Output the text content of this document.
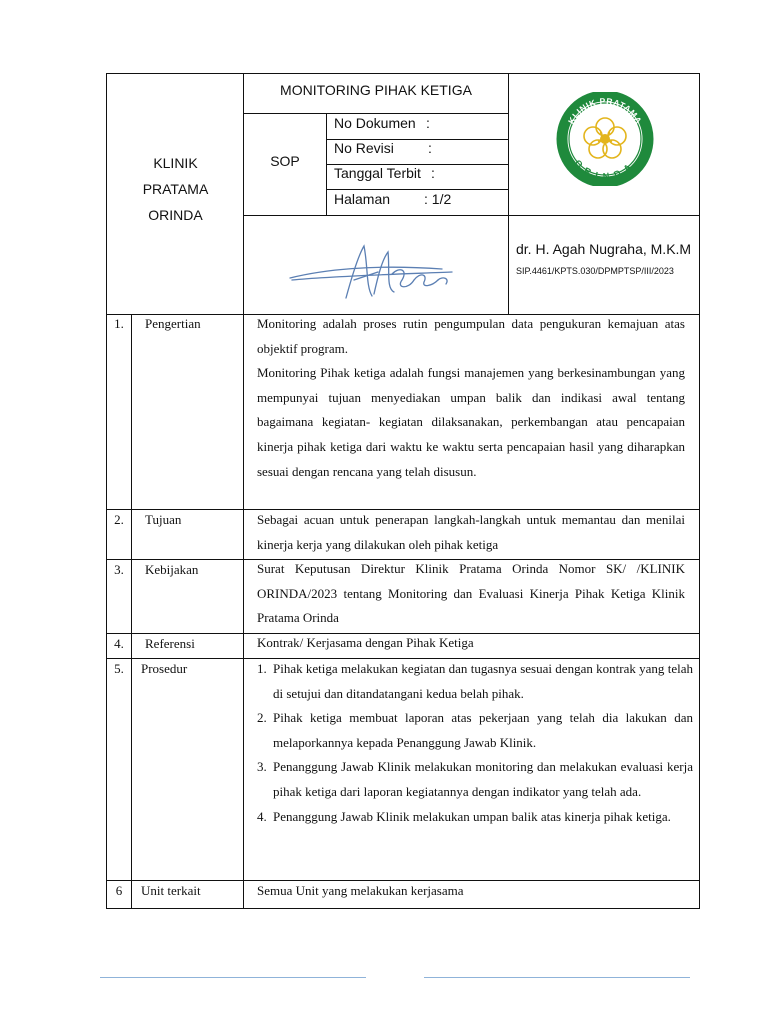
KLINIK
PRATAMA
ORINDA
MONITORING PIHAK KETIGA
SOP
No Dokumen :
No Revisi :
Tanggal Terbit :
Halaman : 1/2
KLINIK PRATAMA
ORINDA
dr. H. Agah Nugraha, M.K.M
SIP.4461/KPTS.030/DPMPTSP/III/2023
1.	Pengertian	Monitoring adalah proses rutin pengumpulan data pengukuran kemajuan atas objektif program.

Monitoring Pihak ketiga adalah fungsi manajemen yang berkesinambungan yang mempunyai tujuan menyediakan umpan balik dan indikasi awal tentang bagaimana kegiatan- kegiatan dilaksanakan, perkembangan atau pencapaian kinerja pihak ketiga dari waktu ke waktu serta pencapaian hasil yang diharapkan sesuai dengan rencana yang telah disusun.

2.	Tujuan	Sebagai acuan untuk penerapan langkah-langkah untuk memantau dan menilai kinerja kerja yang dilakukan oleh pihak ketiga

3.	Kebijakan	Surat Keputusan Direktur Klinik Pratama Orinda Nomor SK/ /KLINIK ORINDA/2023 tentang Monitoring dan Evaluasi Kinerja Pihak Ketiga Klinik Pratama Orinda

4.	Referensi	Kontrak/ Kerjasama dengan Pihak Ketiga

5.	Prosedur	1. Pihak ketiga melakukan kegiatan dan tugasnya sesuai dengan kontrak yang telah di setujui dan ditandatangani kedua belah pihak.
2. Pihak ketiga membuat laporan atas pekerjaan yang telah dia lakukan dan melaporkannya kepada Penanggung Jawab Klinik.
3. Penanggung Jawab Klinik melakukan monitoring dan melakukan evaluasi kerja pihak ketiga dari laporan kegiatannya dengan indikator yang telah ada.
4. Penanggung Jawab Klinik melakukan umpan balik atas kinerja pihak ketiga.
6	Unit terkait	Semua Unit yang melakukan kerjasama
